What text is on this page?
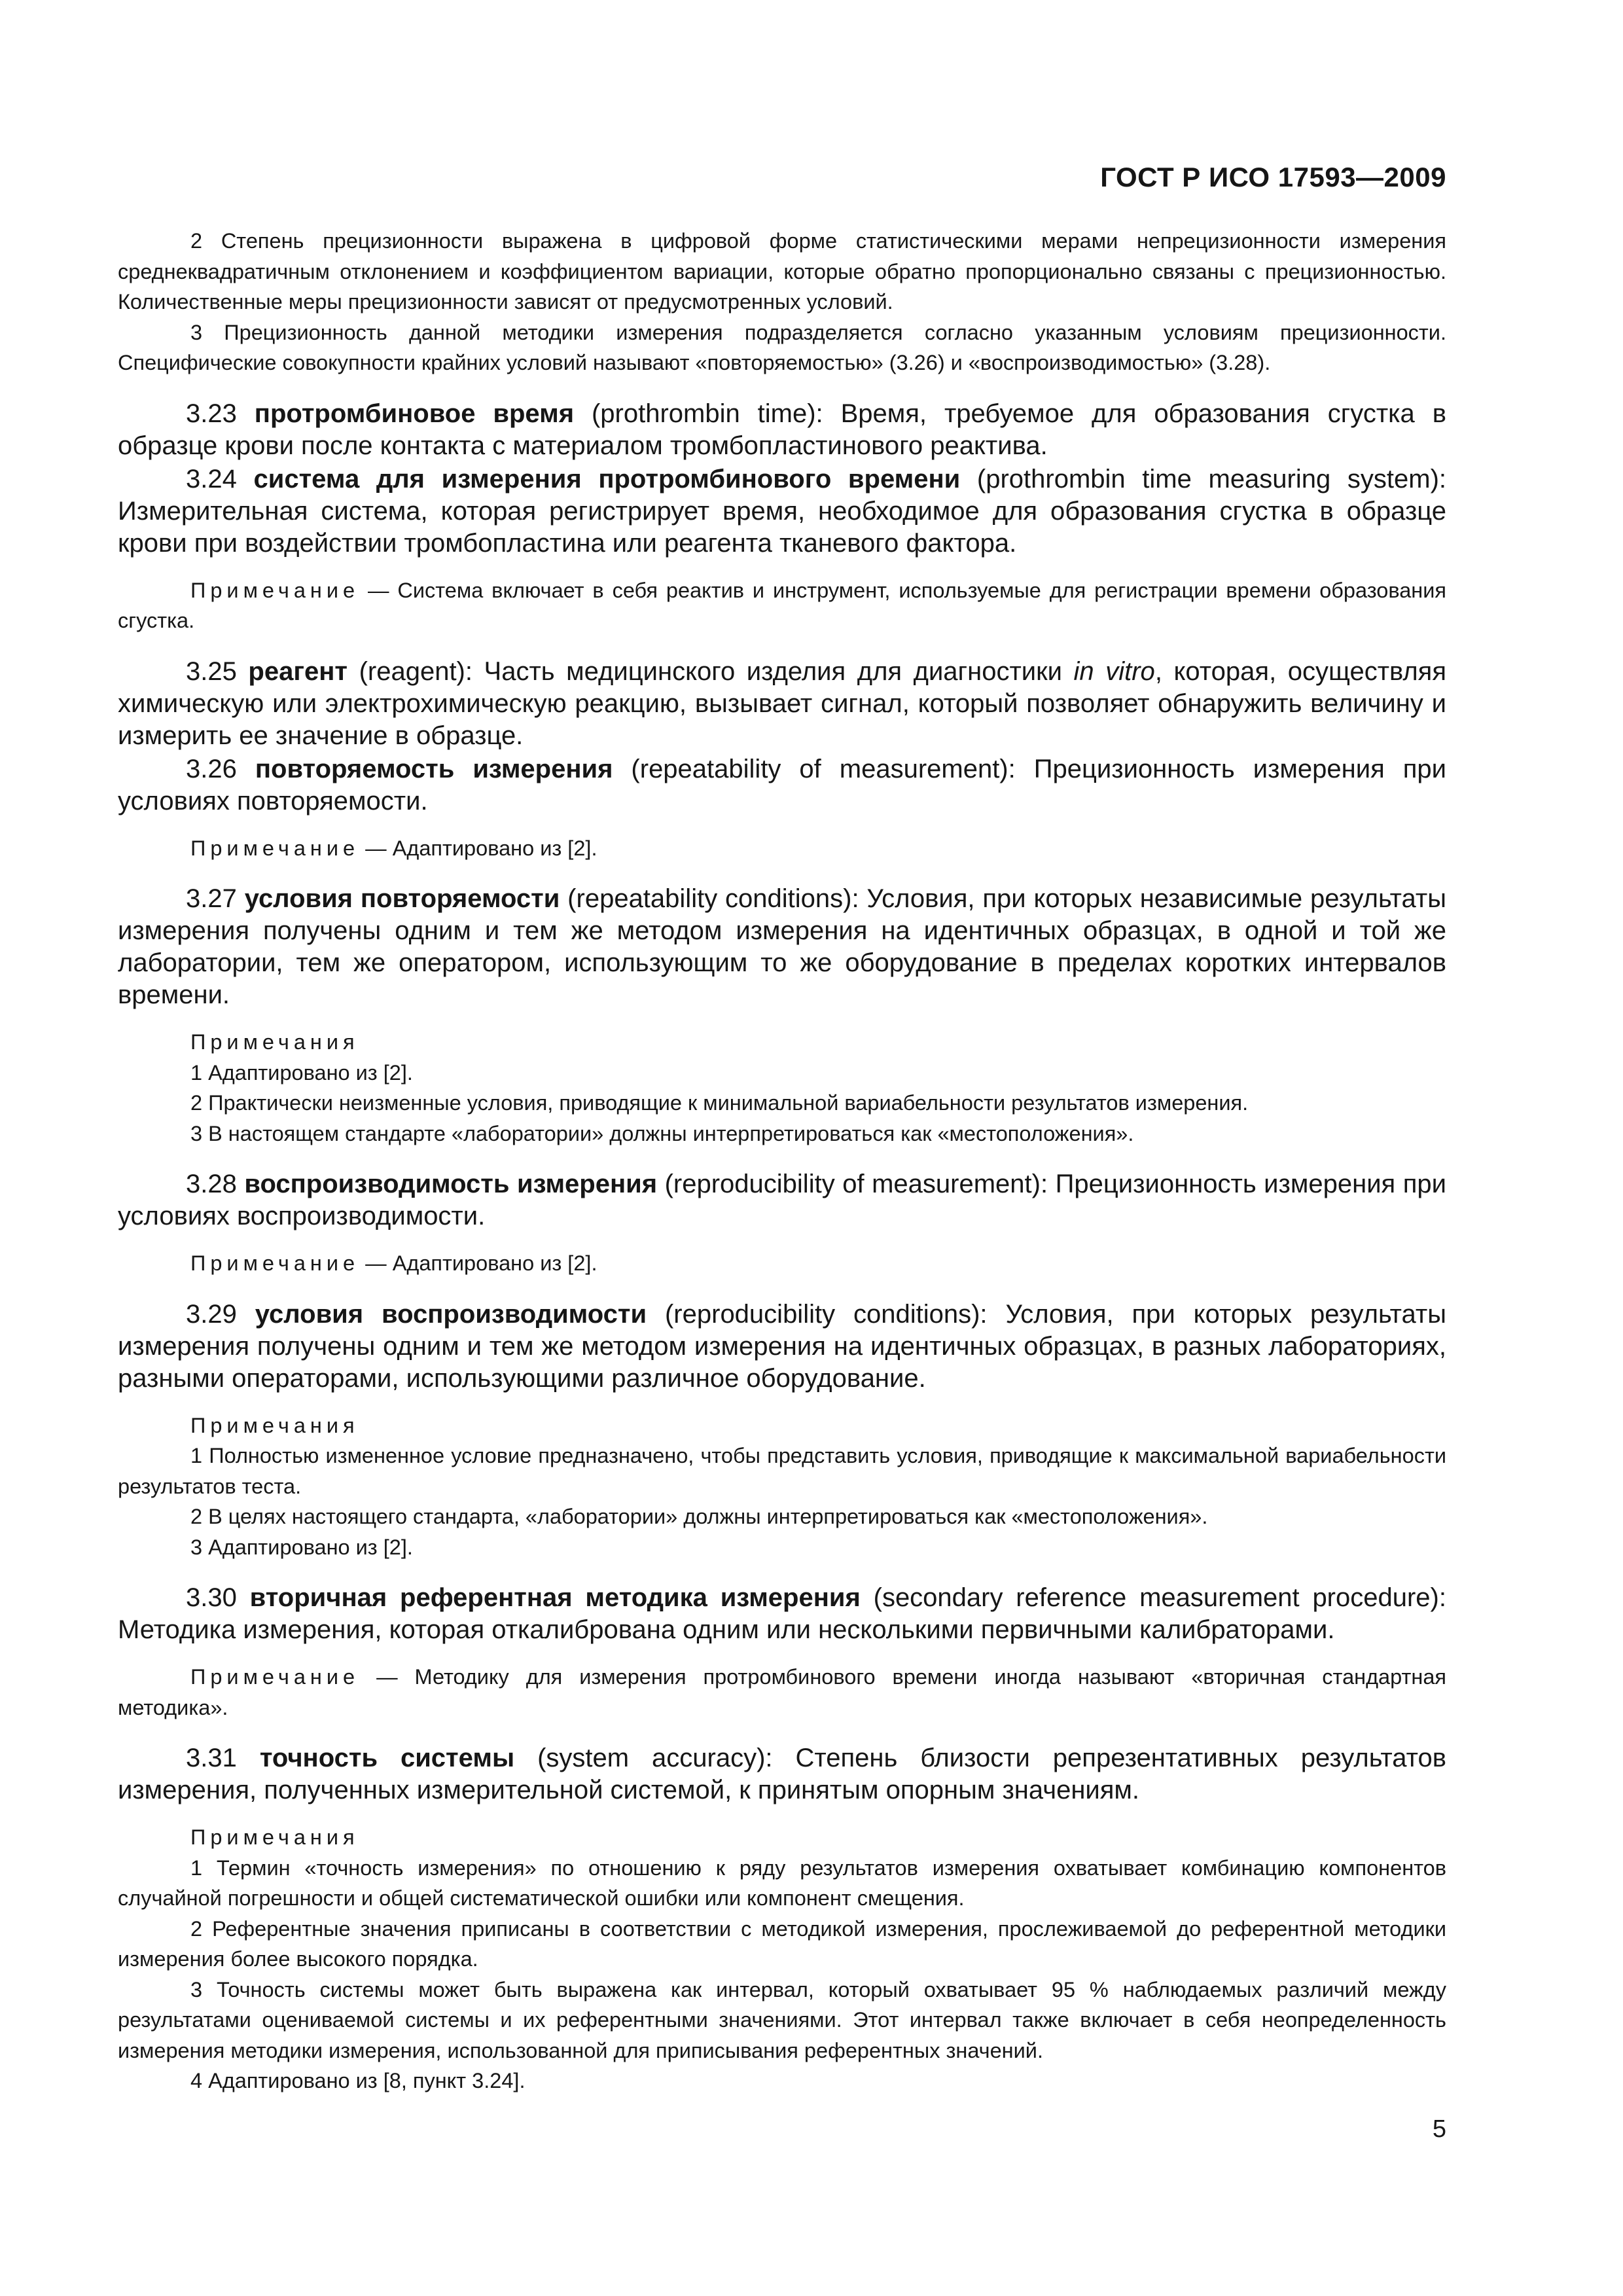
ГОСТ Р ИСО 17593—2009

2 Степень прецизионности выражена в цифровой форме статистическими мерами непрецизионности измерения среднеквадратичным отклонением и коэффициентом вариации, которые обратно пропорционально связаны с прецизионностью. Количественные меры прецизионности зависят от предусмотренных условий.

3 Прецизионность данной методики измерения подразделяется согласно указанным условиям прецизионности. Специфические совокупности крайних условий называют «повторяемостью» (3.26) и «воспроизводимостью» (3.28).

3.23 протромбиновое время (prothrombin time): Время, требуемое для образования сгустка в образце крови после контакта с материалом тромбопластинового реактива.

3.24 система для измерения протромбинового времени (prothrombin time measuring system): Измерительная система, которая регистрирует время, необходимое для образования сгустка в образце крови при воздействии тромбопластина или реагента тканевого фактора.

Примечание — Система включает в себя реактив и инструмент, используемые для регистрации времени образования сгустка.

3.25 реагент (reagent): Часть медицинского изделия для диагностики in vitro, которая, осуществляя химическую или электрохимическую реакцию, вызывает сигнал, который позволяет обнаружить величину и измерить ее значение в образце.

3.26 повторяемость измерения (repeatability of measurement): Прецизионность измерения при условиях повторяемости.

Примечание — Адаптировано из [2].

3.27 условия повторяемости (repeatability conditions): Условия, при которых независимые результаты измерения получены одним и тем же методом измерения на идентичных образцах, в одной и той же лаборатории, тем же оператором, использующим то же оборудование в пределах коротких интервалов времени.

Примечания

1 Адаптировано из [2].

2 Практически неизменные условия, приводящие к минимальной вариабельности результатов измерения.

3 В настоящем стандарте «лаборатории» должны интерпретироваться как «местоположения».

3.28 воспроизводимость измерения (reproducibility of measurement): Прецизионность измерения при условиях воспроизводимости.

Примечание — Адаптировано из [2].

3.29 условия воспроизводимости (reproducibility conditions): Условия, при которых результаты измерения получены одним и тем же методом измерения на идентичных образцах, в разных лабораториях, разными операторами, использующими различное оборудование.

Примечания

1 Полностью измененное условие предназначено, чтобы представить условия, приводящие к максимальной вариабельности результатов теста.

2 В целях настоящего стандарта, «лаборатории» должны интерпретироваться как «местоположения».

3 Адаптировано из [2].

3.30 вторичная референтная методика измерения (secondary reference measurement procedure): Методика измерения, которая откалибрована одним или несколькими первичными калибраторами.

Примечание — Методику для измерения протромбинового времени иногда называют «вторичная стандартная методика».

3.31 точность системы (system accuracy): Степень близости репрезентативных результатов измерения, полученных измерительной системой, к принятым опорным значениям.

Примечания

1 Термин «точность измерения» по отношению к ряду результатов измерения охватывает комбинацию компонентов случайной погрешности и общей систематической ошибки или компонент смещения.

2 Референтные значения приписаны в соответствии с методикой измерения, прослеживаемой до референтной методики измерения более высокого порядка.

3 Точность системы может быть выражена как интервал, который охватывает 95 % наблюдаемых различий между результатами оцениваемой системы и их референтными значениями. Этот интервал также включает в себя неопределенность измерения методики измерения, использованной для приписывания референтных значений.

4 Адаптировано из [8, пункт 3.24].

5
